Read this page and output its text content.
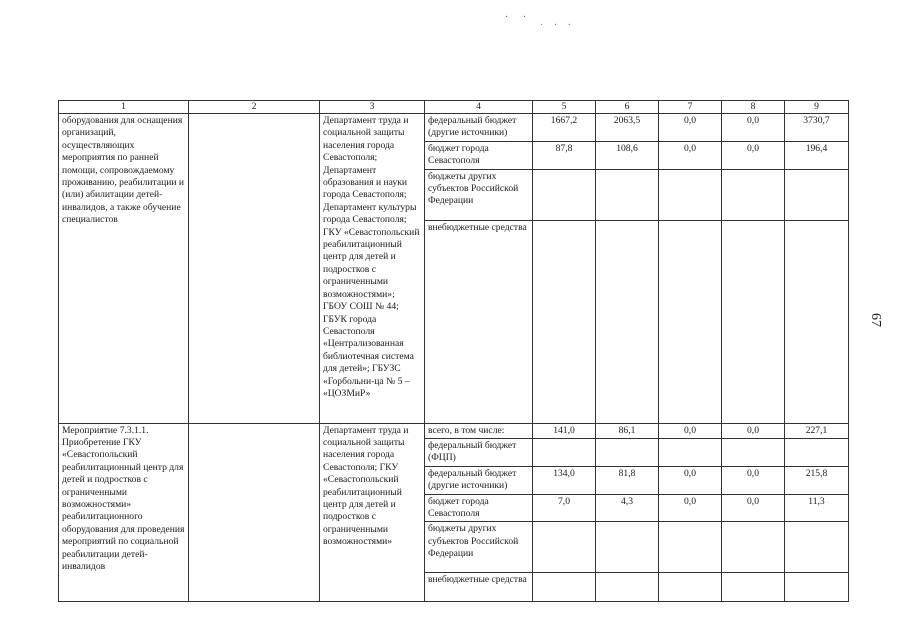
· ·
· · ·
67
1	2	3	4	5	6	7	8	9
оборудования для оснащения организаций, осуществляющих мероприятия по ранней помощи, сопровождаемому проживанию, реабилитации и (или) абилитации детей-инвалидов, а также обучение специалистов		Департамент труда и социальной защиты населения города Севастополя; Департамент образования и науки города Севастополя; Департамент культуры города Севастополя; ГКУ «Севастопольский реабилитационный центр для детей и подростков с ограниченными возможностями»; ГБОУ СОШ № 44; ГБУК города Севастополя «Централизованная библиотечная система для детей»; ГБУЗС «Горбольни-ца № 5 – «ЦОЗМиР»	федеральный бюджет (другие источники)	1667,2	2063,5	0,0	0,0	3730,7
			бюджет города Севастополя	87,8	108,6	0,0	0,0	196,4
			бюджеты других субъектов Российской Федерации					
			внебюджетные средства					
Мероприятие 7.3.1.1. Приобретение ГКУ «Севастопольский реабилитационный центр для детей и подростков с ограниченными возможностями» реабилитационного оборудования для проведения мероприятий по социальной реабилитации детей-инвалидов		Департамент труда и социальной защиты населения города Севастополя; ГКУ «Севастопольский реабилитационный центр для детей и подростков с ограниченными возможностями»	всего, в том числе:	141,0	86,1	0,0	0,0	227,1
			федеральный бюджет (ФЦП)					
			федеральный бюджет (другие источники)	134,0	81,8	0,0	0,0	215,8
			бюджет города Севастополя	7,0	4,3	0,0	0,0	11,3
			бюджеты других субъектов Российской Федерации					
			внебюджетные средства					
